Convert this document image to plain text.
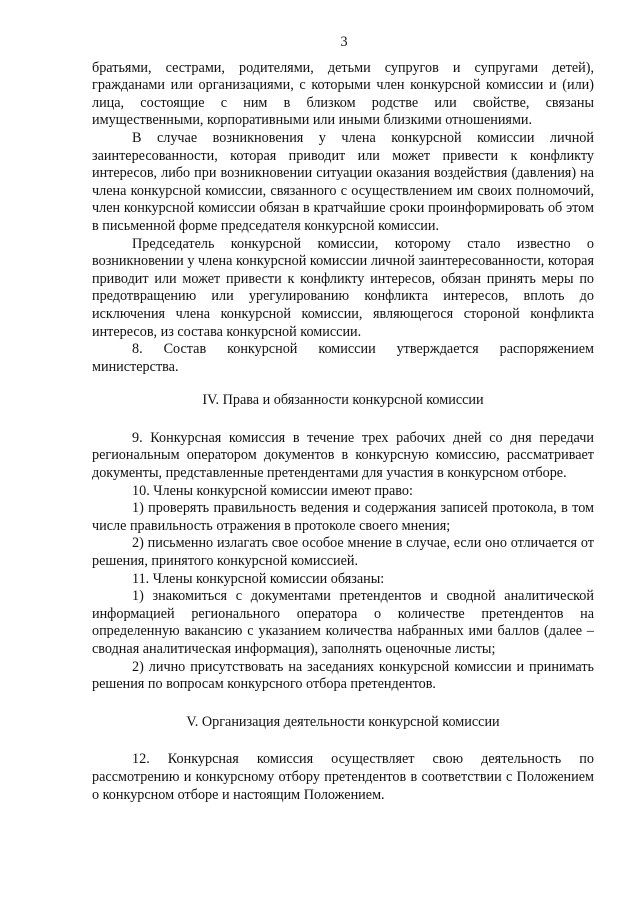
3

братьями, сестрами, родителями, детьми супругов и супругами детей), гражданами или организациями, с которыми член конкурсной комиссии и (или) лица, состоящие с ним в близком родстве или свойстве, связаны имущественными, корпоративными или иными близкими отношениями.

В случае возникновения у члена конкурсной комиссии личной заинтересованности, которая приводит или может привести к конфликту интересов, либо при возникновении ситуации оказания воздействия (давления) на члена конкурсной комиссии, связанного с осуществлением им своих полномочий, член конкурсной комиссии обязан в кратчайшие сроки проинформировать об этом в письменной форме председателя конкурсной комиссии.

Председатель конкурсной комиссии, которому стало известно о возникновении у члена конкурсной комиссии личной заинтересованности, которая приводит или может привести к конфликту интересов, обязан принять меры по предотвращению или урегулированию конфликта интересов, вплоть до исключения члена конкурсной комиссии, являющегося стороной конфликта интересов, из состава конкурсной комиссии.

8. Состав конкурсной комиссии утверждается распоряжением министерства.

IV. Права и обязанности конкурсной комиссии

9. Конкурсная комиссия в течение трех рабочих дней со дня передачи региональным оператором документов в конкурсную комиссию, рассматривает документы, представленные претендентами для участия в конкурсном отборе.

10. Члены конкурсной комиссии имеют право:

1) проверять правильность ведения и содержания записей протокола, в том числе правильность отражения в протоколе своего мнения;

2) письменно излагать свое особое мнение в случае, если оно отличается от решения, принятого конкурсной комиссией.

11. Члены конкурсной комиссии обязаны:

1) знакомиться с документами претендентов и сводной аналитической информацией регионального оператора о количестве претендентов на определенную вакансию с указанием количества набранных ими баллов (далее – сводная аналитическая информация), заполнять оценочные листы;

2) лично присутствовать на заседаниях конкурсной комиссии и принимать решения по вопросам конкурсного отбора претендентов.

V. Организация деятельности конкурсной комиссии

12. Конкурсная комиссия осуществляет свою деятельность по рассмотрению и конкурсному отбору претендентов в соответствии с Положением о конкурсном отборе и настоящим Положением.
